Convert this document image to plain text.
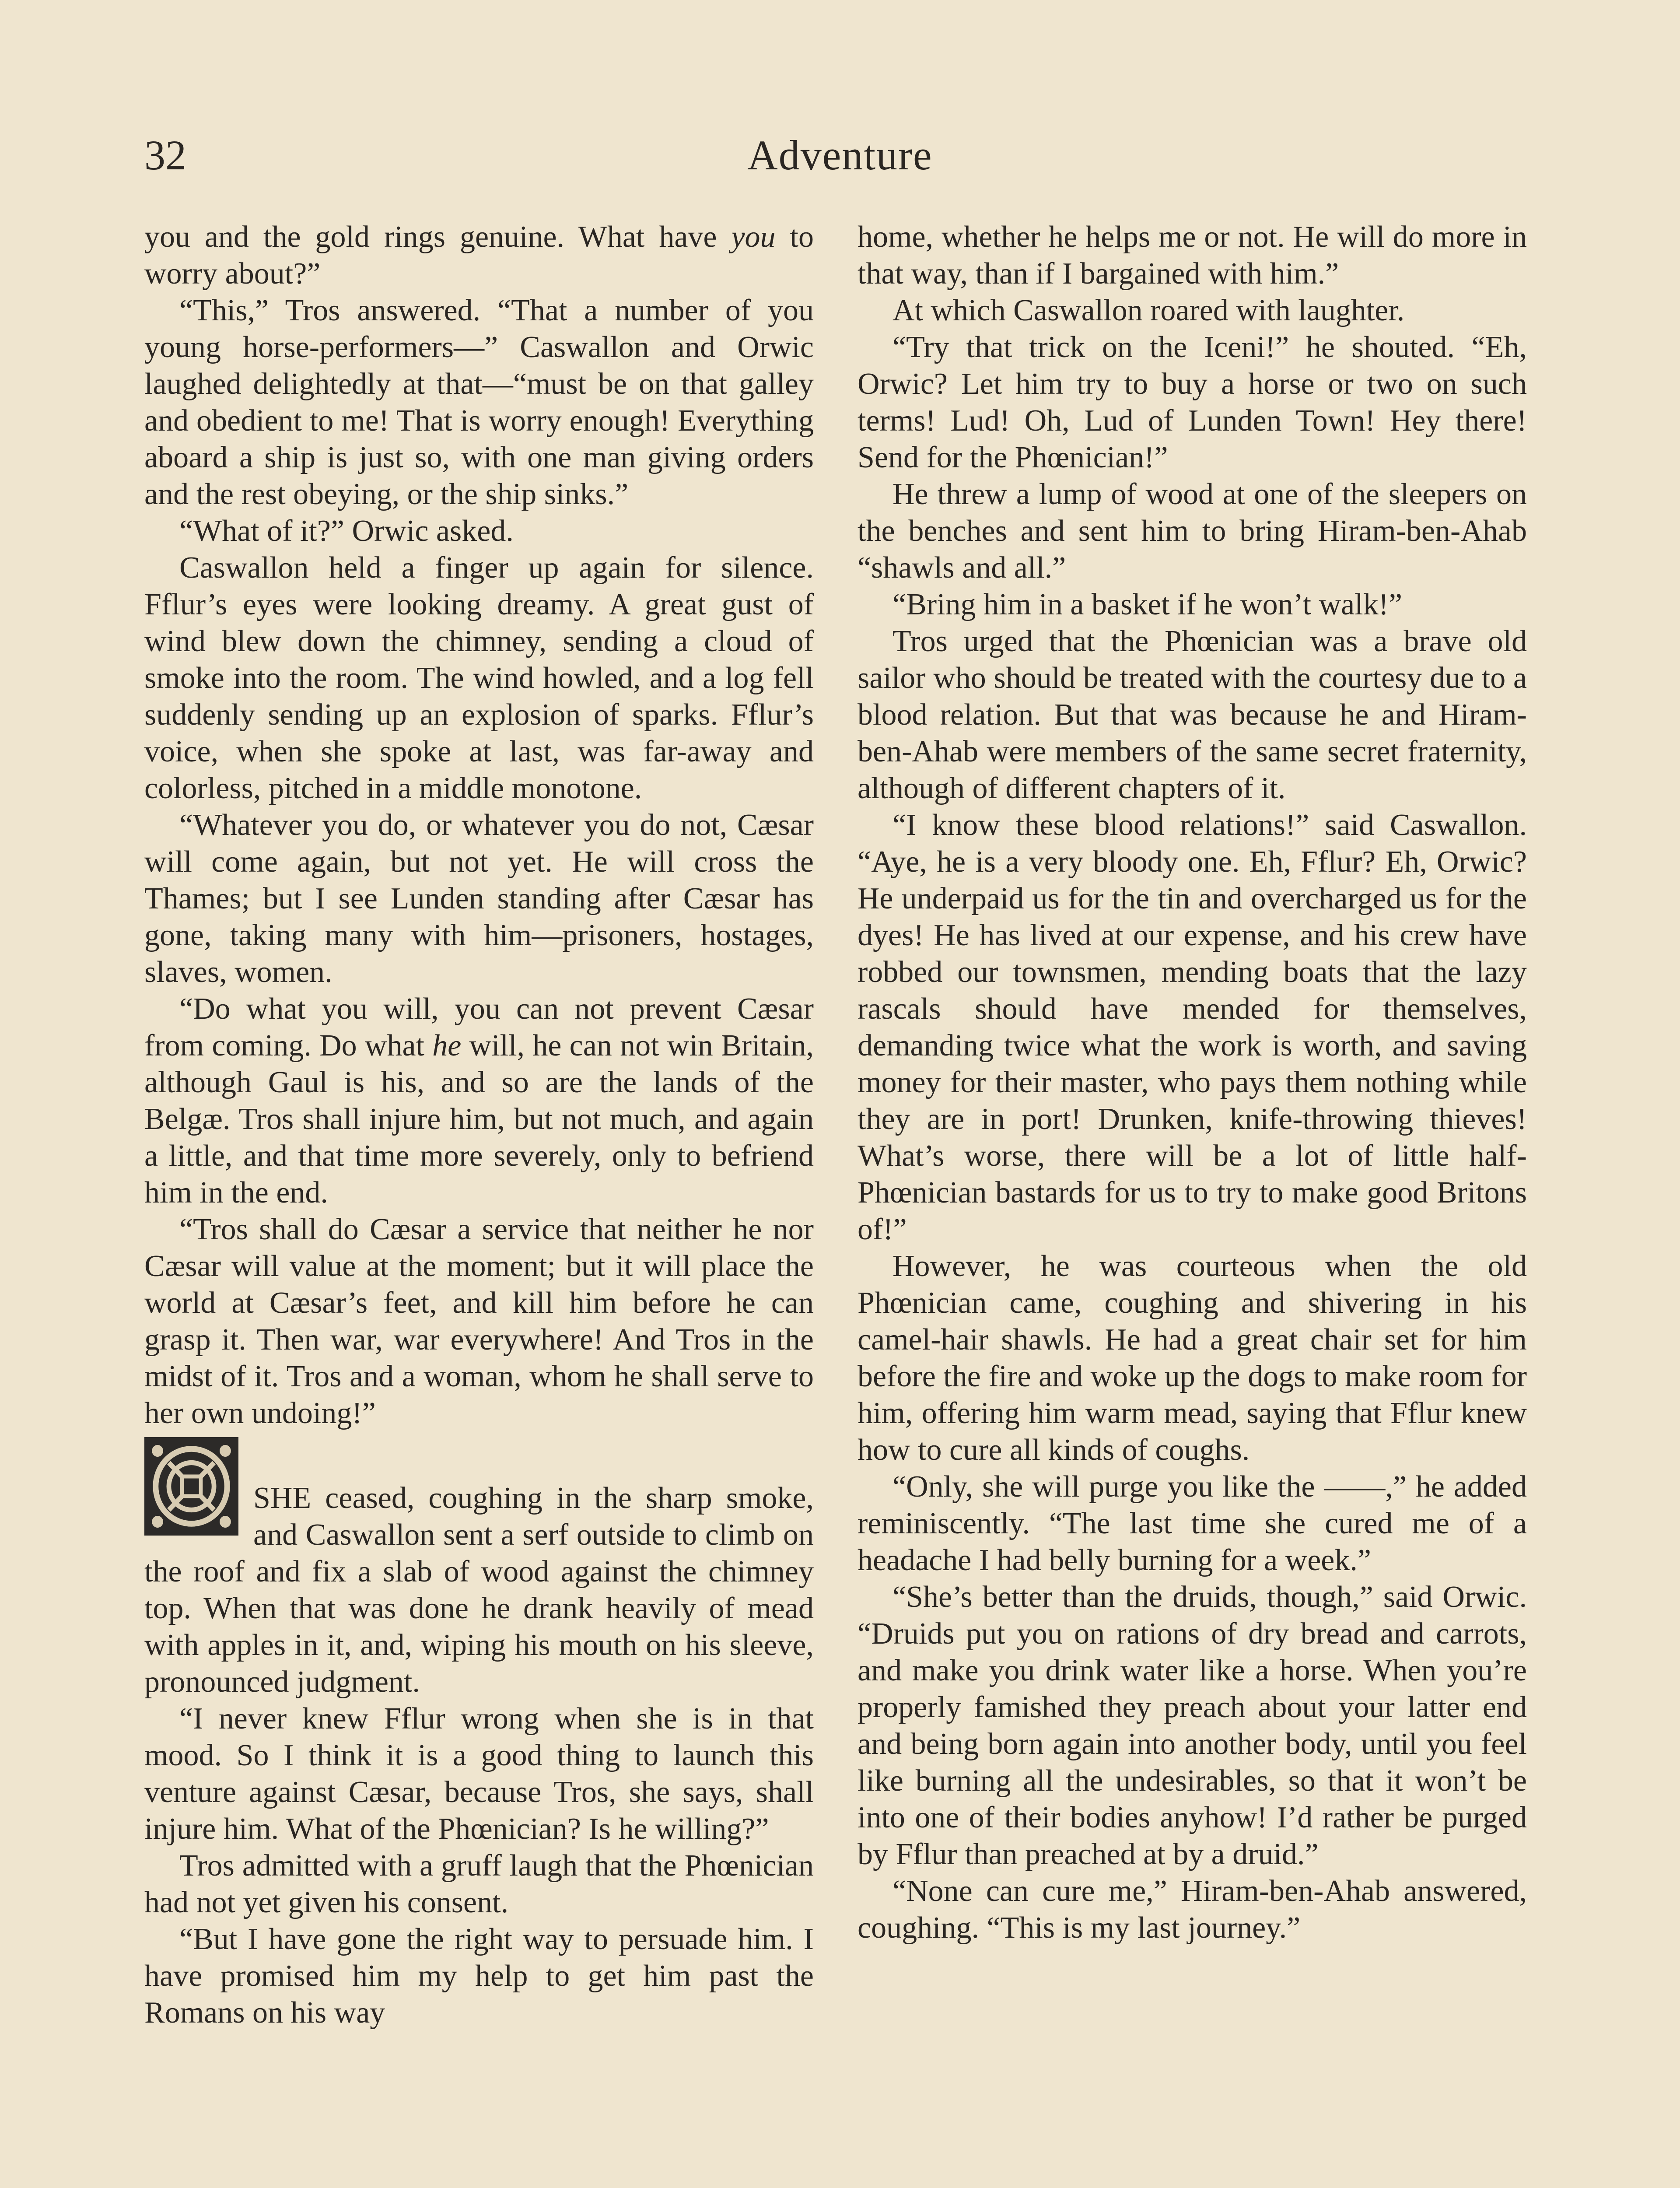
32	Adventure

you and the gold rings genuine. What have you to worry about?”

“This,” Tros answered. “That a number of you young horse-performers—” Caswallon and Orwic laughed delightedly at that—“must be on that galley and obedient to me! That is worry enough! Everything aboard a ship is just so, with one man giving orders and the rest obeying, or the ship sinks.”

“What of it?” Orwic asked.

Caswallon held a finger up again for silence. Fflur’s eyes were looking dreamy. A great gust of wind blew down the chimney, sending a cloud of smoke into the room. The wind howled, and a log fell suddenly sending up an explosion of sparks. Fflur’s voice, when she spoke at last, was far-away and colorless, pitched in a middle monotone.

“Whatever you do, or whatever you do not, Cæsar will come again, but not yet. He will cross the Thames; but I see Lunden standing after Cæsar has gone, taking many with him—prisoners, hostages, slaves, women.

“Do what you will, you can not prevent Cæsar from coming. Do what he will, he can not win Britain, although Gaul is his, and so are the lands of the Belgæ. Tros shall injure him, but not much, and again a little, and that time more severely, only to befriend him in the end.

“Tros shall do Cæsar a service that neither he nor Cæsar will value at the moment; but it will place the world at Cæsar’s feet, and kill him before he can grasp it. Then war, war everywhere! And Tros in the midst of it. Tros and a woman, whom he shall serve to her own undoing!”

SHE ceased, coughing in the sharp smoke, and Caswallon sent a serf outside to climb on the roof and fix a slab of wood against the chimney top. When that was done he drank heavily of mead with apples in it, and, wiping his mouth on his sleeve, pronounced judgment.

“I never knew Fflur wrong when she is in that mood. So I think it is a good thing to launch this venture against Cæsar, because Tros, she says, shall injure him. What of the Phœnician? Is he willing?”

Tros admitted with a gruff laugh that the Phœnician had not yet given his consent.

“But I have gone the right way to persuade him. I have promised him my help to get him past the Romans on his way

home, whether he helps me or not. He will do more in that way, than if I bargained with him.”

At which Caswallon roared with laughter.

“Try that trick on the Iceni!” he shouted. “Eh, Orwic? Let him try to buy a horse or two on such terms! Lud! Oh, Lud of Lunden Town! Hey there! Send for the Phœnician!”

He threw a lump of wood at one of the sleepers on the benches and sent him to bring Hiram-ben-Ahab “shawls and all.”

“Bring him in a basket if he won’t walk!”

Tros urged that the Phœnician was a brave old sailor who should be treated with the courtesy due to a blood relation. But that was because he and Hiram-ben-Ahab were members of the same secret fraternity, although of different chapters of it.

“I know these blood relations!” said Caswallon. “Aye, he is a very bloody one. Eh, Fflur? Eh, Orwic? He underpaid us for the tin and overcharged us for the dyes! He has lived at our expense, and his crew have robbed our townsmen, mending boats that the lazy rascals should have mended for themselves, demanding twice what the work is worth, and saving money for their master, who pays them nothing while they are in port! Drunken, knife-throwing thieves! What’s worse, there will be a lot of little half-Phœnician bastards for us to try to make good Britons of!”

However, he was courteous when the old Phœnician came, coughing and shivering in his camel-hair shawls. He had a great chair set for him before the fire and woke up the dogs to make room for him, offering him warm mead, saying that Fflur knew how to cure all kinds of coughs.

“Only, she will purge you like the ——,” he added reminiscently. “The last time she cured me of a headache I had belly burning for a week.”

“She’s better than the druids, though,” said Orwic. “Druids put you on rations of dry bread and carrots, and make you drink water like a horse. When you’re properly famished they preach about your latter end and being born again into another body, until you feel like burning all the undesirables, so that it won’t be into one of their bodies anyhow! I’d rather be purged by Fflur than preached at by a druid.”

“None can cure me,” Hiram-ben-Ahab answered, coughing. “This is my last journey.”
